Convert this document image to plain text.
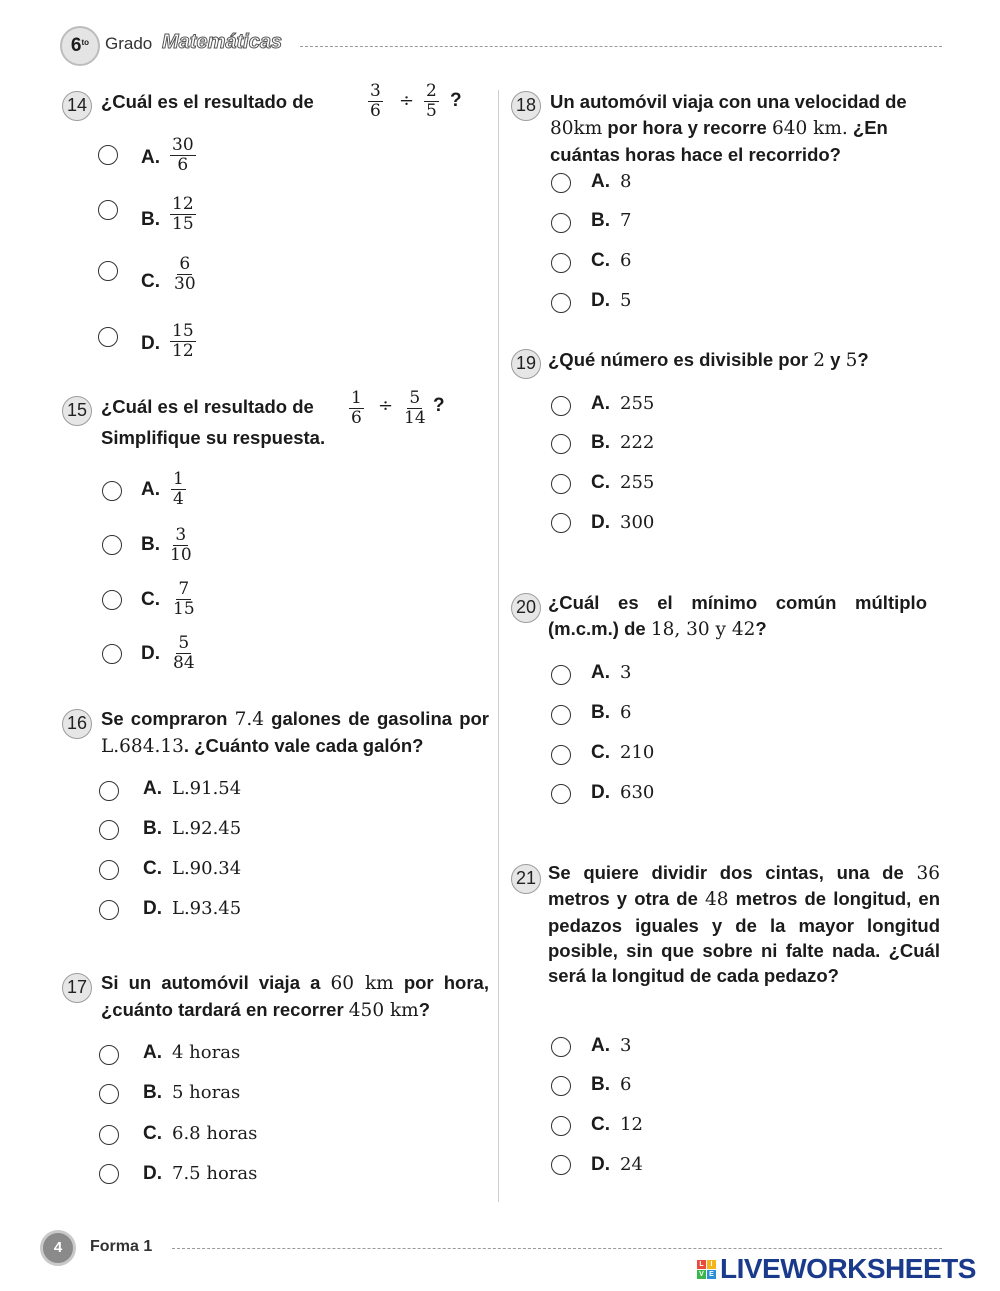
$6^{to}$ Grado Matemáticas
14 ¿Cuál es el resultado de	$\frac{3}{6} \div \frac{2}{5}$ ?
A. $\frac{30}{6}$
B. $\frac{12}{15}$
C. $\frac{6}{30}$
D. $\frac{15}{12}$
15 ¿Cuál es el resultado de $\frac{1}{6} \div \frac{5}{14}$ ?
Simplifique su respuesta.
A. $\frac{1}{4}$
B. $\frac{3}{10}$
C. $\frac{7}{15}$
D. $\frac{5}{84}$
16 Se compraron 7.4 galones de gasolina por L.684.13. ¿Cuánto vale cada galón?
A. L.91.54
B. L.92.45
C. L.90.34
D. L.93.45
17 Si un automóvil viaja a 60 km por hora, ¿cuánto tardará en recorrer 450 km?
A. 4 horas
B. 5 horas
C. 6.8 horas
D. 7.5 horas
18 Un automóvil viaja con una velocidad de 80km por hora y recorre 640 km. ¿En cuántas horas hace el recorrido?
A. 8
B. 7
C. 6
D. 5
19 ¿Qué número es divisible por 2 y 5?
A. 255
B. 222
C. 255
D. 300
20 ¿Cuál es el mínimo común múltiplo (m.c.m.) de 18, 30 y 42?
A. 3
B. 6
C. 210
D. 630
21 Se quiere dividir dos cintas, una de 36 metros y otra de 48 metros de longitud, en pedazos iguales y de la mayor longitud posible, sin que sobre ni falte nada. ¿Cuál será la longitud de cada pedazo?
A. 3
B. 6
C. 12
D. 24
4	Forma 1
L I
V E LIVEWORKSHEETS
